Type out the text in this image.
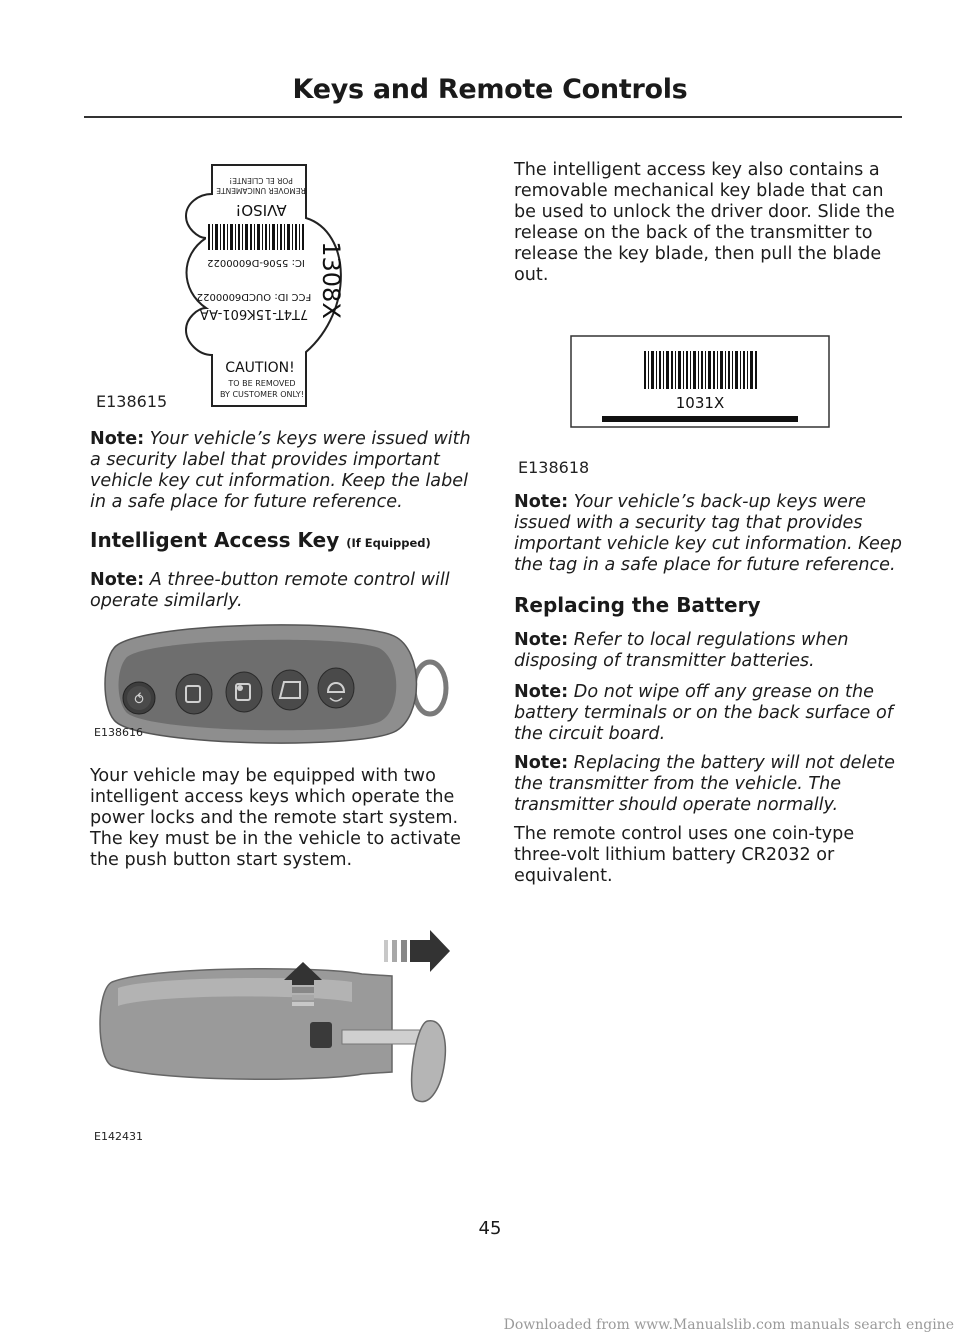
Keys and Remote Controls
AVISO!
REMOVER UNICAMENTE
POR EL CLIENTE!
IC: 5506-D6000022
7T4T-15K601-AA
FCC ID: OUCD6000022 1308X
CAUTION!
TO BE REMOVED
BY CUSTOMER ONLY!
E138615
Note: Your vehicle’s keys were issued with a security label that provides important vehicle key cut information. Keep the label in a safe place for future reference.
Intelligent Access Key (If Equipped)
Note: A three-button remote control will operate similarly.
⥀
E138616
Your vehicle may be equipped with two intelligent access keys which operate the power locks and the remote start system. The key must be in the vehicle to activate the push button start system.
E142431
The intelligent access key also contains a removable mechanical key blade that can be used to unlock the driver door. Slide the release on the back of the transmitter to release the key blade, then pull the blade out.
1031X
E138618
Note: Your vehicle’s back-up keys were issued with a security tag that provides important vehicle key cut information. Keep the tag in a safe place for future reference.
Replacing the Battery
Note: Refer to local regulations when disposing of transmitter batteries.
Note: Do not wipe off any grease on the battery terminals or on the back surface of the circuit board.
Note: Replacing the battery will not delete the transmitter from the vehicle. The transmitter should operate normally.
The remote control uses one coin-type three-volt lithium battery CR2032 or equivalent.
45
Downloaded from www.Manualslib.com manuals search engine
